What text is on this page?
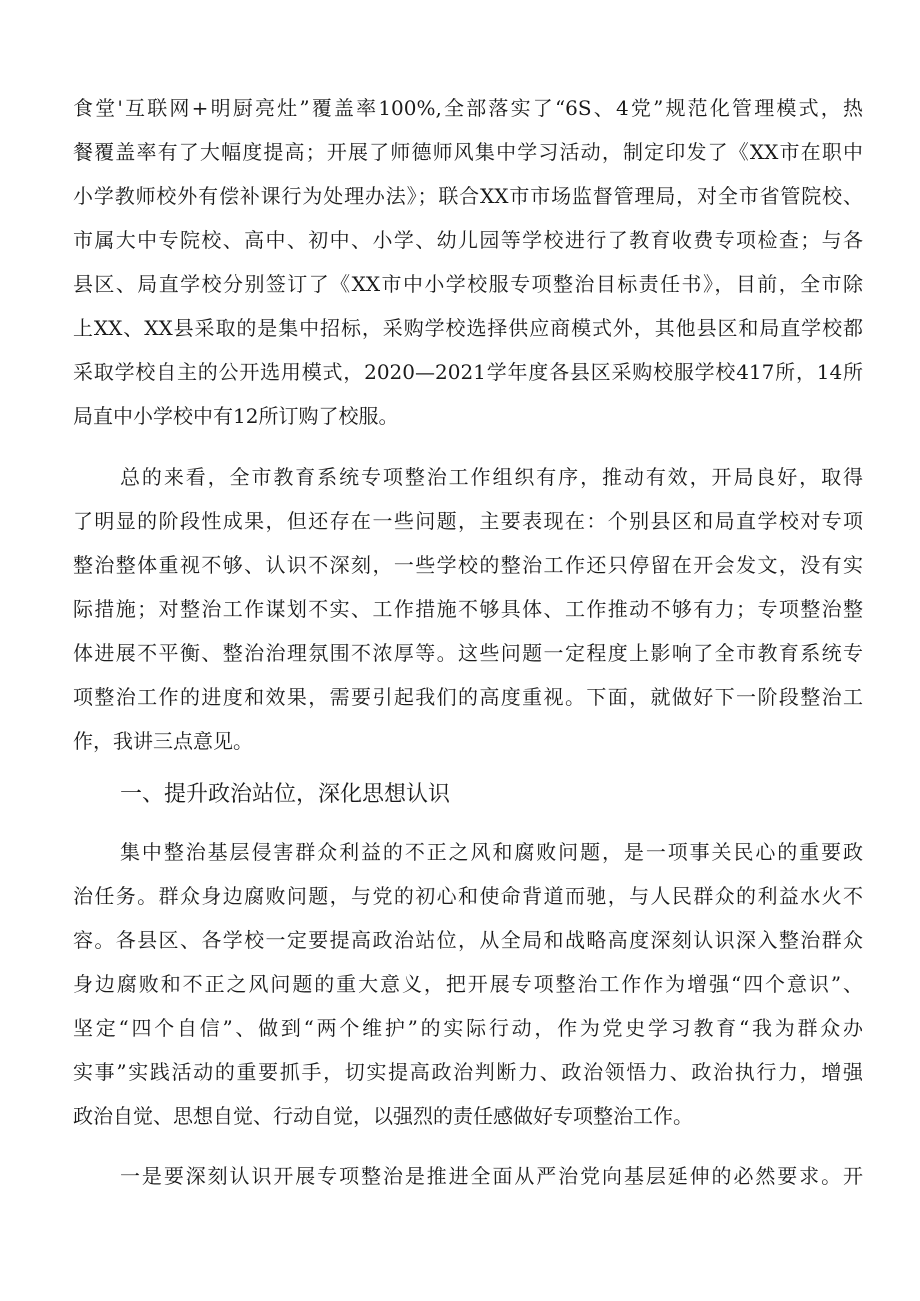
食堂'互联网+明厨亮灶”覆盖率100%,全部落实了“6S、4党”规范化管理模式，热
餐覆盖率有了大幅度提高；开展了师德师风集中学习活动，制定印发了《XX市在职中
小学教师校外有偿补课行为处理办法》；联合XX市市场监督管理局，对全市省管院校、
市属大中专院校、高中、初中、小学、幼儿园等学校进行了教育收费专项检查；与各
县区、局直学校分别签订了《XX市中小学校服专项整治目标责任书》，目前，全市除
上XX、XX县采取的是集中招标，采购学校选择供应商模式外，其他县区和局直学校都
采取学校自主的公开选用模式，2020—2021学年度各县区采购校服学校417所，14所
局直中小学校中有12所订购了校服。
总的来看，全市教育系统专项整治工作组织有序，推动有效，开局良好，取得
了明显的阶段性成果，但还存在一些问题，主要表现在：个别县区和局直学校对专项
整治整体重视不够、认识不深刻，一些学校的整治工作还只停留在开会发文，没有实
际措施；对整治工作谋划不实、工作措施不够具体、工作推动不够有力；专项整治整
体进展不平衡、整治治理氛围不浓厚等。这些问题一定程度上影响了全市教育系统专
项整治工作的进度和效果，需要引起我们的高度重视。下面，就做好下一阶段整治工
作，我讲三点意见。
一、提升政治站位，深化思想认识
集中整治基层侵害群众利益的不正之风和腐败问题，是一项事关民心的重要政
治任务。群众身边腐败问题，与党的初心和使命背道而驰，与人民群众的利益水火不
容。各县区、各学校一定要提高政治站位，从全局和战略高度深刻认识深入整治群众
身边腐败和不正之风问题的重大意义，把开展专项整治工作作为增强“四个意识”、
坚定“四个自信”、做到“两个维护”的实际行动，作为党史学习教育“我为群众办
实事”实践活动的重要抓手，切实提高政治判断力、政治领悟力、政治执行力，增强
政治自觉、思想自觉、行动自觉，以强烈的责任感做好专项整治工作。
一是要深刻认识开展专项整治是推进全面从严治党向基层延伸的必然要求。开
